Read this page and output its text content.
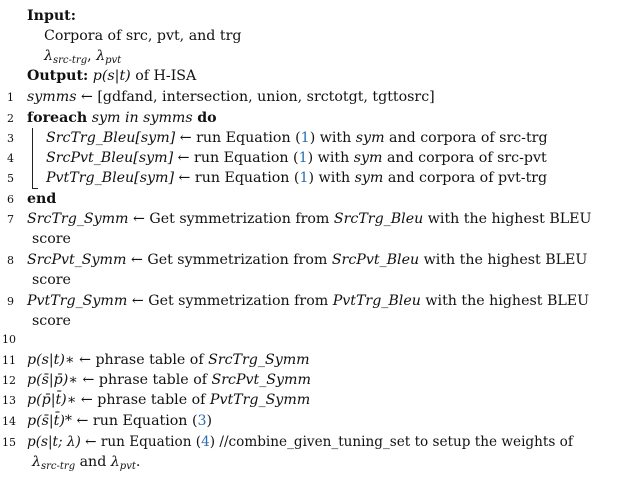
Input:
Corpora of src, pvt, and trg
$\lambda_{src-trg}$, $\lambda_{pvt}$
Output: p(s|t) of H-ISA
1 symms ← [gdfand, intersection, union, srctotgt, tgttosrc]
2 foreach sym in symms do
3 SrcTrg_Bleu[sym] ← run Equation (1) with sym and corpora of src-trg
4 SrcPvt_Bleu[sym] ← run Equation (1) with sym and corpora of src-pvt
5 PvtTrg_Bleu[sym] ← run Equation (1) with sym and corpora of pvt-trg
6 end
7 SrcTrg_Symm ← Get symmetrization from SrcTrg_Bleu with the highest BLEU
score
8 SrcPvt_Symm ← Get symmetrization from SrcPvt_Bleu with the highest BLEU
score
9 PvtTrg_Symm ← Get symmetrization from PvtTrg_Bleu with the highest BLEU
score
10
11 p(s|t)∗ ← phrase table of SrcTrg_Symm
12 p(s̄|p̄)∗ ← phrase table of SrcPvt_Symm
13 p(p̄|t̄)∗ ← phrase table of PvtTrg_Symm
14 p(s̄|t̄)* ← run Equation (3)
15 p(s|t; λ) ← run Equation (4) //combine_given_tuning_set to setup the weights of
$\lambda_{src-trg}$ and $\lambda_{pvt}$.
